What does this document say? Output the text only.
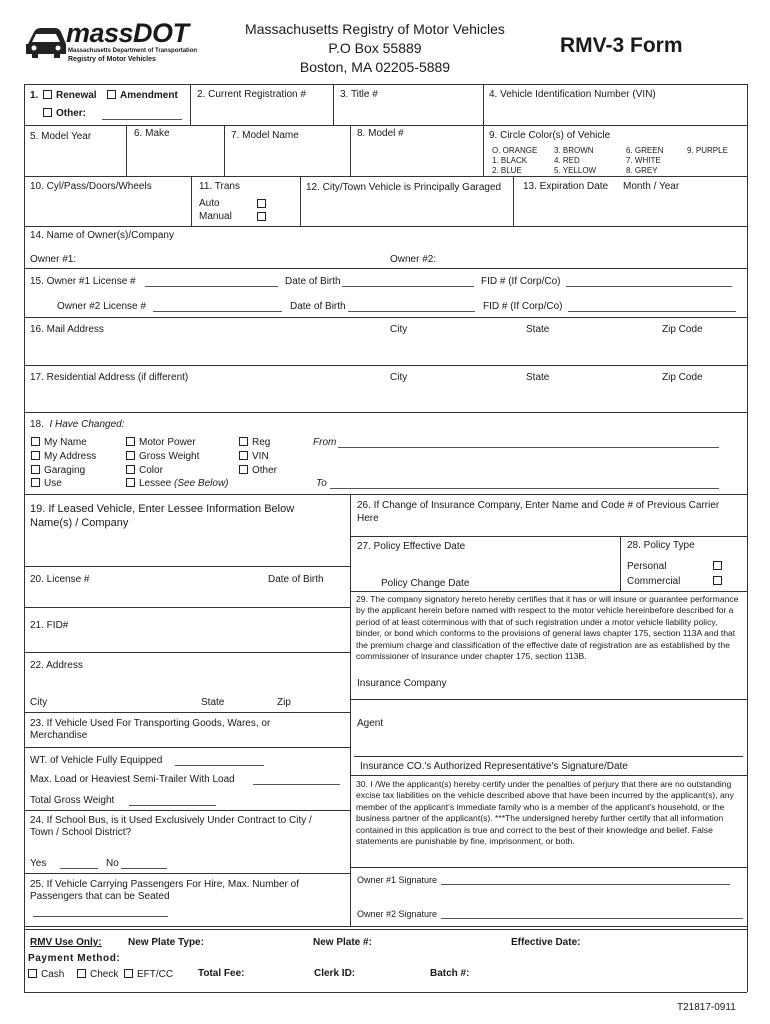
massDOT
Massachusetts Department of Transportation
Registry of Motor Vehicles
Massachusetts Registry of Motor Vehicles
P.O Box 55889
Boston, MA 02205-5889
RMV-3 Form
1.	Renewal	Amendment
Other:
2. Current Registration #	3. Title #	4. Vehicle Identification Number (VIN)
5. Model Year	6. Make	7. Model Name	8. Model #	9. Circle Color(s) of Vehicle
O. ORANGE
1. BLACK
2. BLUE
3. BROWN
4. RED
5. YELLOW
6. GREEN
7. WHITE
8. GREY
9. PURPLE
10. Cyl/Pass/Doors/Wheels	11. Trans
Auto
Manual
12. City/Town Vehicle is Principally Garaged 13. Expiration Date Month / Year
14. Name of Owner(s)/Company
Owner #1:	Owner #2:
15. Owner #1 License #	Date of Birth	FID # (If Corp/Co)
Owner #2 License #	Date of Birth	FID # (If Corp/Co)
16. Mail Address	City	State	Zip Code
17. Residential Address (if different)	City	State	Zip Code
18. I Have Changed:
My Name
My Address
Garaging
Use
Motor Power
Gross Weight
Color
Lessee (See Below)
Reg
VIN
Other
From
To
19. If Leased Vehicle, Enter Lessee Information Below
Name(s) / Company
20. License #	Date of Birth
21. FID#
22. Address
City	State	Zip
23. If Vehicle Used For Transporting Goods, Wares, or
Merchandise
WT. of Vehicle Fully Equipped
Max. Load or Heaviest Semi-Trailer With Load
Total Gross Weight
24. If School Bus, is it Used Exclusively Under Contract to City /
Town / School District?
Yes	No
25. If Vehicle Carrying Passengers For Hire, Max. Number of
Passengers that can be Seated
26. If Change of Insurance Company, Enter Name and Code # of Previous Carrier
Here
27. Policy Effective Date	28. Policy Type
Personal
Commercial
Policy Change Date
29. The company signatory hereto hereby certifies that it has or will insure or guarantee performance by the applicant herein before named with respect to the motor vehicle hereinbefore described for a period of at least coterminous with that of such registration under a motor vehicle liability policy, binder, or bond which conforms to the provisions of general laws chapter 175, section 113A and that the premium charge and classification of the effective date of registration are as established by the commissioner of insurance under chapter 175, section 113B.
Insurance Company
Agent
Insurance CO.'s Authorized Representative's Signature/Date
30. I /We the applicant(s) hereby certify under the penalties of perjury that there are no outstanding excise tax liabilities on the vehicle described above that have been incurred by the applicant(s), any member of the applicant's immediate family who is a member of the applicant's household, or the business partner of the applicant(s). ***The undersigned hereby further certify that all information contained in this application is true and correct to the best of their knowledge and belief. False statements are punishable by fine, imprisonment, or both.
Owner #1 Signature
Owner #2 Signature
RMV Use Only:	New Plate Type:	New Plate #:	Effective Date:
Payment Method:
Cash	Check	EFT/CC Total Fee:	Clerk ID:	Batch #:
T21817-0911
